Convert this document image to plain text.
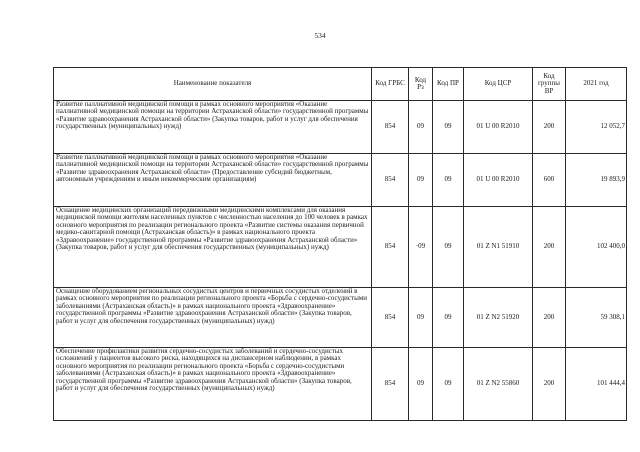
534
Наименование показателя	Код ГРБС	Код Рз	Код ПР	Код ЦСР	Код группы ВР	2021 год

Развитие паллиативной медицинской помощи в рамках основного мероприятия «Оказание паллиативной медицинской помощи на территории Астраханской области» государственной программы «Развитие здравоохранения Астраханской области» (Закупка товаров, работ и услуг для обеспечения государственных (муниципальных) нужд)	854	09	09	01 U 00 R2010	200	12 052,7

Развитие паллиативной медицинской помощи в рамках основного мероприятия «Оказание паллиативной медицинской помощи на территории Астраханской области» государственной программы «Развитие здравоохранения Астраханской области» (Предоставление субсидий бюджетным, автономным учреждениям и иным некоммерческим организациям)	854	09	09	01 U 00 R2010	600	19 893,9

Оснащение медицинских организаций передвижными медицинскими комплексами для оказания медицинской помощи жителям населенных пунктов с численностью населения до 100 человек в рамках основного мероприятия по реализации регионального проекта «Развитие системы оказания первичной медико-санитарной помощи (Астраханская область)» в рамках национального проекта «Здравоохранение» государственной программы «Развитие здравоохранения Астраханской области» (Закупка товаров, работ и услуг для обеспечения государственных (муниципальных) нужд)	854	·09	09	01 Z N1 51910	200	102 400,0

Оснащение оборудованием региональных сосудистых центров и первичных сосудистых отделений в рамках основного мероприятия по реализации регионального проекта «Борьба с сердечно-сосудистыми заболеваниями (Астраханская область)» в рамках национального проекта «Здравоохранение» государственной программы «Развитие здравоохранения Астраханской области» (Закупка товаров, работ и услуг для обеспечения государственных (муниципальных) нужд)	854	09	09	01 Z N2 51920	200	59 308,1

Обеспечение профилактики развития сердечно-сосудистых заболеваний и сердечно-сосудистых осложнений у пациентов высокого риска, находящихся на диспансерном наблюдении, в рамках основного мероприятия по реализации регионального проекта «Борьба с сердечно-сосудистыми заболеваниями (Астраханская область)» в рамках национального проекта «Здравоохранение» государственной программы «Развитие здравоохранения Астраханской области» (Закупка товаров, работ и услуг для обеспечения государственных (муниципальных) нужд)	854	09	09	01 Z N2 55860	200	101 444,4
